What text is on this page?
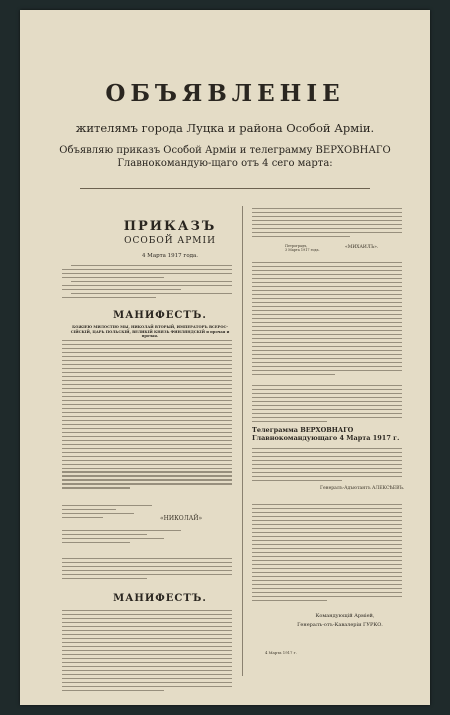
ОБЪЯВЛЕНІЕ
жителямъ города Луцка и района Особой Арміи.
Объявляю приказъ Особой Арміи и телеграмму ВЕРХОВНАГО Главнокомандую-щаго отъ 4 сего марта:
ПРИКАЗЪ
ОСОБОЙ АРМІИ
4 Марта 1917 года.
МАНИФЕСТЪ.
БОЖІЕЮ МИЛОСТІЮ МЫ, НИКОЛАЙ ВТОРЫЙ, ИМПЕРАТОРЪ ВСЕРОС-СІЙСКІЙ, ЦАРЬ ПОЛЬСКІЙ, ВЕЛИКІЙ КНЯЗЬ ФИНЛЯНДСКІЙ и прочая и прочая.
«НИКОЛАЙ»
МАНИФЕСТЪ.
«МИХАИЛЪ».
Петроградъ,
3 Марта 1917 года.
Телеграмма ВЕРХОВНАГО Главнокомандующаго 4 Марта 1917 г.
Генералъ-Адъютантъ АЛЕКСѢЕВЪ.
Командующій Арміей,
Генералъ-отъ-Кавалеріи ГУРКО.
4 Марта 1917 г.
